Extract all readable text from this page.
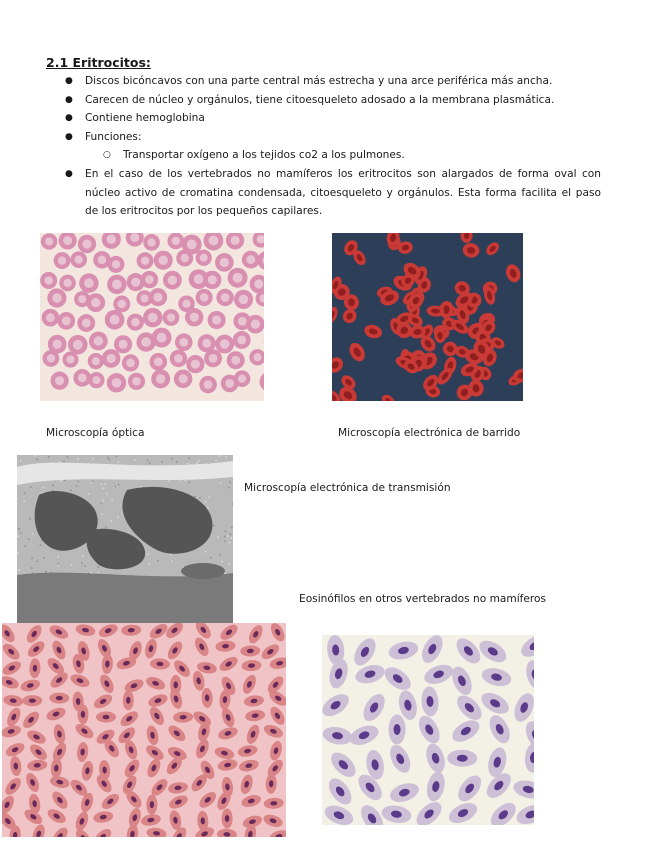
2.1 Eritrocitos:
● Discos bicóncavos con una parte central más estrecha y una arce periférica más ancha.
● Carecen de núcleo y orgánulos, tiene citoesqueleto adosado a la membrana plasmática.
● Contiene hemoglobina
● Funciones:
○ Transportar oxígeno a los tejidos co2 a los pulmones.
● En el caso de los vertebrados no mamíferos los eritrocitos son alargados de forma oval con núcleo activo de cromatina condensada, citoesqueleto y orgánulos. Esta forma facilita el paso de los eritrocitos por los pequeños capilares.
Microscopía óptica	Microscopía electrónica de barrido
Microscopía electrónica de transmisión
Eosinófilos en otros vertebrados no mamíferos
